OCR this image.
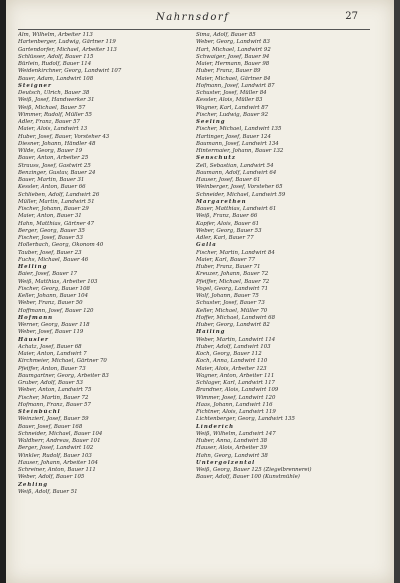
Nahrnsdorf	27
Alm, Wilhelm, Arbeiter 113
Hartenberger, Ludwig, Gärtner 119
Gartendorfer, Michael, Arbeiter 113
Schlüsser, Adolf, Bauer 115
Bürlein, Rudolf, Bauer 114
Weidenkirchner, Georg, Landwirt 107
Bauer, Adam, Landwirt 108
Steigner
Deutsch, Ulrich, Bauer 38
Weiß, Josef, Handwerker 31
Weiß, Michael, Bauer 57
Wimmer, Rudolf, Müller 55
Adler, Franz, Bauer 57
Maier, Alois, Landwirt 13
Huber, Josef, Bauer, Vorsteher 43
Diesner, Johann, Händler 48
Wilde, Georg, Bauer 19
Bauer, Anton, Arbeiter 25
Strauss, Josef, Gastwirt 25
Benzinger, Gustav, Bauer 24
Bauer, Martin, Bauer 31
Kessler, Anton, Bauer 66
Schlieben, Adolf, Landwirt 26
Müller, Martin, Landwirt 51
Fischer, Johann, Bauer 29
Maier, Anton, Bauer 31
Hahn, Matthias, Gärtner 47
Berger, Georg, Bauer 35
Fischer, Josef, Bauer 53
Hollerbach, Georg, Ökonom 40
Tauber, Josef, Bauer 23
Fuchs, Michael, Bauer 46
Helling
Baier, Josef, Bauer 17
Weiß, Matthias, Arbeiter 103
Fischer, Georg, Bauer 108
Keller, Johann, Bauer 104
Weber, Franz, Bauer 50
Hoffmann, Josef, Bauer 120
Hofmann
Werner, Georg, Bauer 118
Weber, Josef, Bauer 119
Häusler
Achatz, Josef, Bauer 68
Maier, Anton, Landwirt 7
Kirchmeier, Michael, Gärtner 70
Pfeiffer, Anton, Bauer 73
Baumgartner, Georg, Arbeiter 83
Gruber, Adolf, Bauer 53
Weber, Anton, Landwirt 75
Fischer, Martin, Bauer 72
Hofmann, Franz, Bauer 57
Steinbüchl
Weinzierl, Josef, Bauer 59
Bauer, Josef, Bauer 168
Schneider, Michael, Bauer 104
Waldherr, Andreas, Bauer 101
Berger, Josef, Landwirt 102
Winkler, Rudolf, Bauer 103
Hauser, Johann, Arbeiter 104
Schreiner, Anton, Bauer 111
Weber, Adolf, Bauer 105
Zehling
Weiß, Adolf, Bauer 51
Sima, Adolf, Bauer 85
Weber, Georg, Landwirt 83
Hart, Michael, Landwirt 92
Schwaiger, Josef, Bauer 94
Maier, Hermann, Bauer 98
Huber, Franz, Bauer 89
Maier, Michael, Gärtner 84
Hofmann, Josef, Landwirt 87
Schuster, Josef, Müller 84
Kessler, Alois, Müller 83
Wagner, Karl, Landwirt 87
Fischer, Ludwig, Bauer 92
Seeling
Fischer, Michael, Landwirt 135
Hartinger, Josef, Bauer 124
Baumann, Josef, Landwirt 134
Hintermaier, Johann, Bauer 132
Senschutz
Zell, Sebastian, Landwirt 54
Baumann, Adolf, Landwirt 64
Hauser, Josef, Bauer 61
Weinberger, Josef, Vorsteher 65
Schneider, Michael, Landwirt 59
Margarethen
Bauer, Matthias, Landwirt 61
Weiß, Franz, Bauer 66
Kapfer, Alois, Bauer 61
Weber, Georg, Bauer 53
Adler, Karl, Bauer 77
Galla
Fischer, Martin, Landwirt 84
Maier, Karl, Bauer 77
Huber, Franz, Bauer 71
Kreuzer, Johann, Bauer 72
Pfeiffer, Michael, Bauer 72
Vogel, Georg, Landwirt 71
Wolf, Johann, Bauer 75
Schuster, Josef, Bauer 73
Keller, Michael, Müller 70
Hoffer, Michael, Landwirt 68
Huber, Georg, Landwirt 82
Hailing
Weber, Martin, Landwirt 114
Huber, Adolf, Landwirt 103
Koch, Georg, Bauer 112
Koch, Anna, Landwirt 110
Maier, Alois, Arbeiter 123
Wagner, Anton, Arbeiter 111
Schlager, Karl, Landwirt 117
Brandner, Alois, Landwirt 109
Wimmer, Josef, Landwirt 120
Haas, Johann, Landwirt 116
Fichtner, Alois, Landwirt 119
Lichtenberger, Georg, Landwirt 135
Linderich
Weiß, Wilhelm, Landwirt 147
Huber, Anna, Landwirt 38
Hauser, Alois, Arbeiter 39
Hahn, Georg, Landwirt 38
Untergolzental
Weiß, Georg, Bauer 125 (Ziegelbrennerei)
Bauer, Adolf, Bauer 100 (Kunstmühle)
